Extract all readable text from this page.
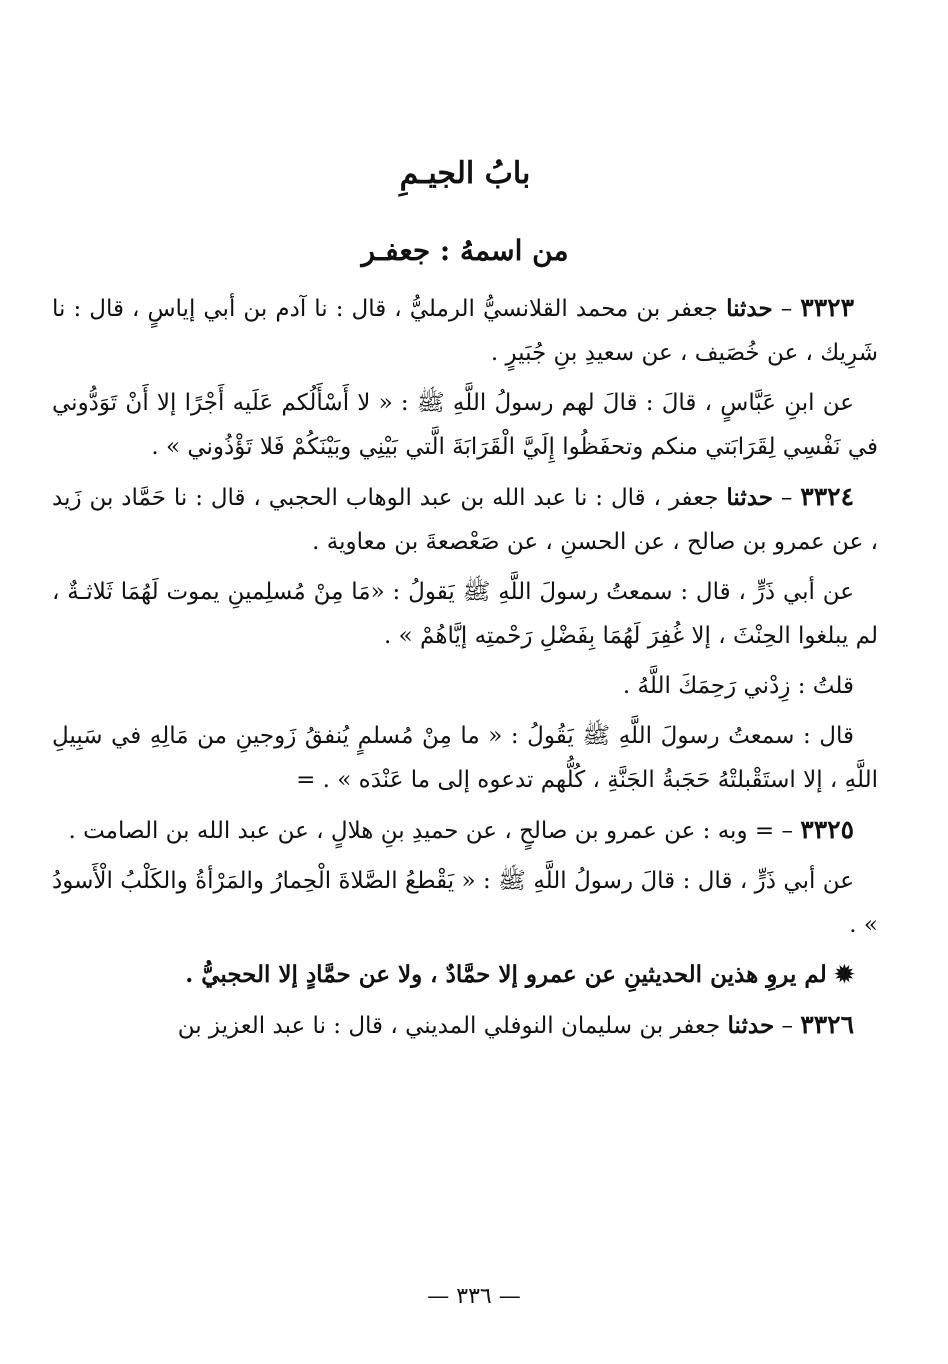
بابُ الجيـمِ
من اسمهُ : جعفـر

٣٣٢٣ – حدثنا جعفر بن محمد القلانسيُّ الرمليُّ ، قال : نا آدم بن أبي إياسٍ ، قال : نا شَرِيك ، عن خُصَيف ، عن سعيدِ بنِ جُبَيرٍ .

عن ابنِ عَبَّاسٍ ، قالَ : قالَ لهم رسولُ اللَّهِ ﷺ : « لا أَسْأَلُكم عَلَيه أَجْرًا إلا أَنْ تَوَدُّوني في نَفْسِي لِقَرَابَتي منكم وتحفَظُوا إِلَيَّ الْقَرَابَةَ الَّتي بَيْنِي وبَيْنَكُمْ فَلا تَؤْذُوني » .

٣٣٢٤ – حدثنا جعفر ، قال : نا عبد الله بن عبد الوهاب الحجبي ، قال : نا حَمَّاد بن زَيد ، عن عمرو بن صالح ، عن الحسنِ ، عن صَعْصعةَ بن معاوية .

عن أبي ذَرٍّ ، قال : سمعتُ رسولَ اللَّهِ ﷺ يَقولُ : «مَا مِنْ مُسلِمينِ يموت لَهُمَا ثَلاثـةٌ ، لم يبلغوا الحِنْثَ ، إلا غُفِرَ لَهُمَا بِفَضْلِ رَحْمتِه إيَّاهُمْ » .

قلتُ : زِدْني رَحِمَكَ اللَّهُ .

قال : سمعتُ رسولَ اللَّهِ ﷺ يَقُولُ : « ما مِنْ مُسلمٍ يُنفقُ زَوجينِ من مَالِهِ في سَبِيلِ اللَّهِ ، إلا استَقْبلتْهُ حَجَبةُ الجَنَّةِ ، كُلُّهم تدعوه إلى ما عَنْدَه » . =

٣٣٢٥ – = وبه : عن عمرو بن صالحٍ ، عن حميدِ بنِ هلالٍ ، عن عبد الله بن الصامت .

عن أبي ذَرٍّ ، قال : قالَ رسولُ اللَّهِ ﷺ : « يَقْطعُ الصَّلاةَ الْحِمارُ والمَرْأةُ والكَلْبُ الْأَسودُ » .

✹ لم يروِ هذين الحديثينِ عن عمرو إلا حمَّادٌ ، ولا عن حمَّادٍ إلا الحجبيُّ .

٣٣٢٦ – حدثنا جعفر بن سليمان النوفلي المديني ، قال : نا عبد العزيز بن

— ٣٣٦ —
